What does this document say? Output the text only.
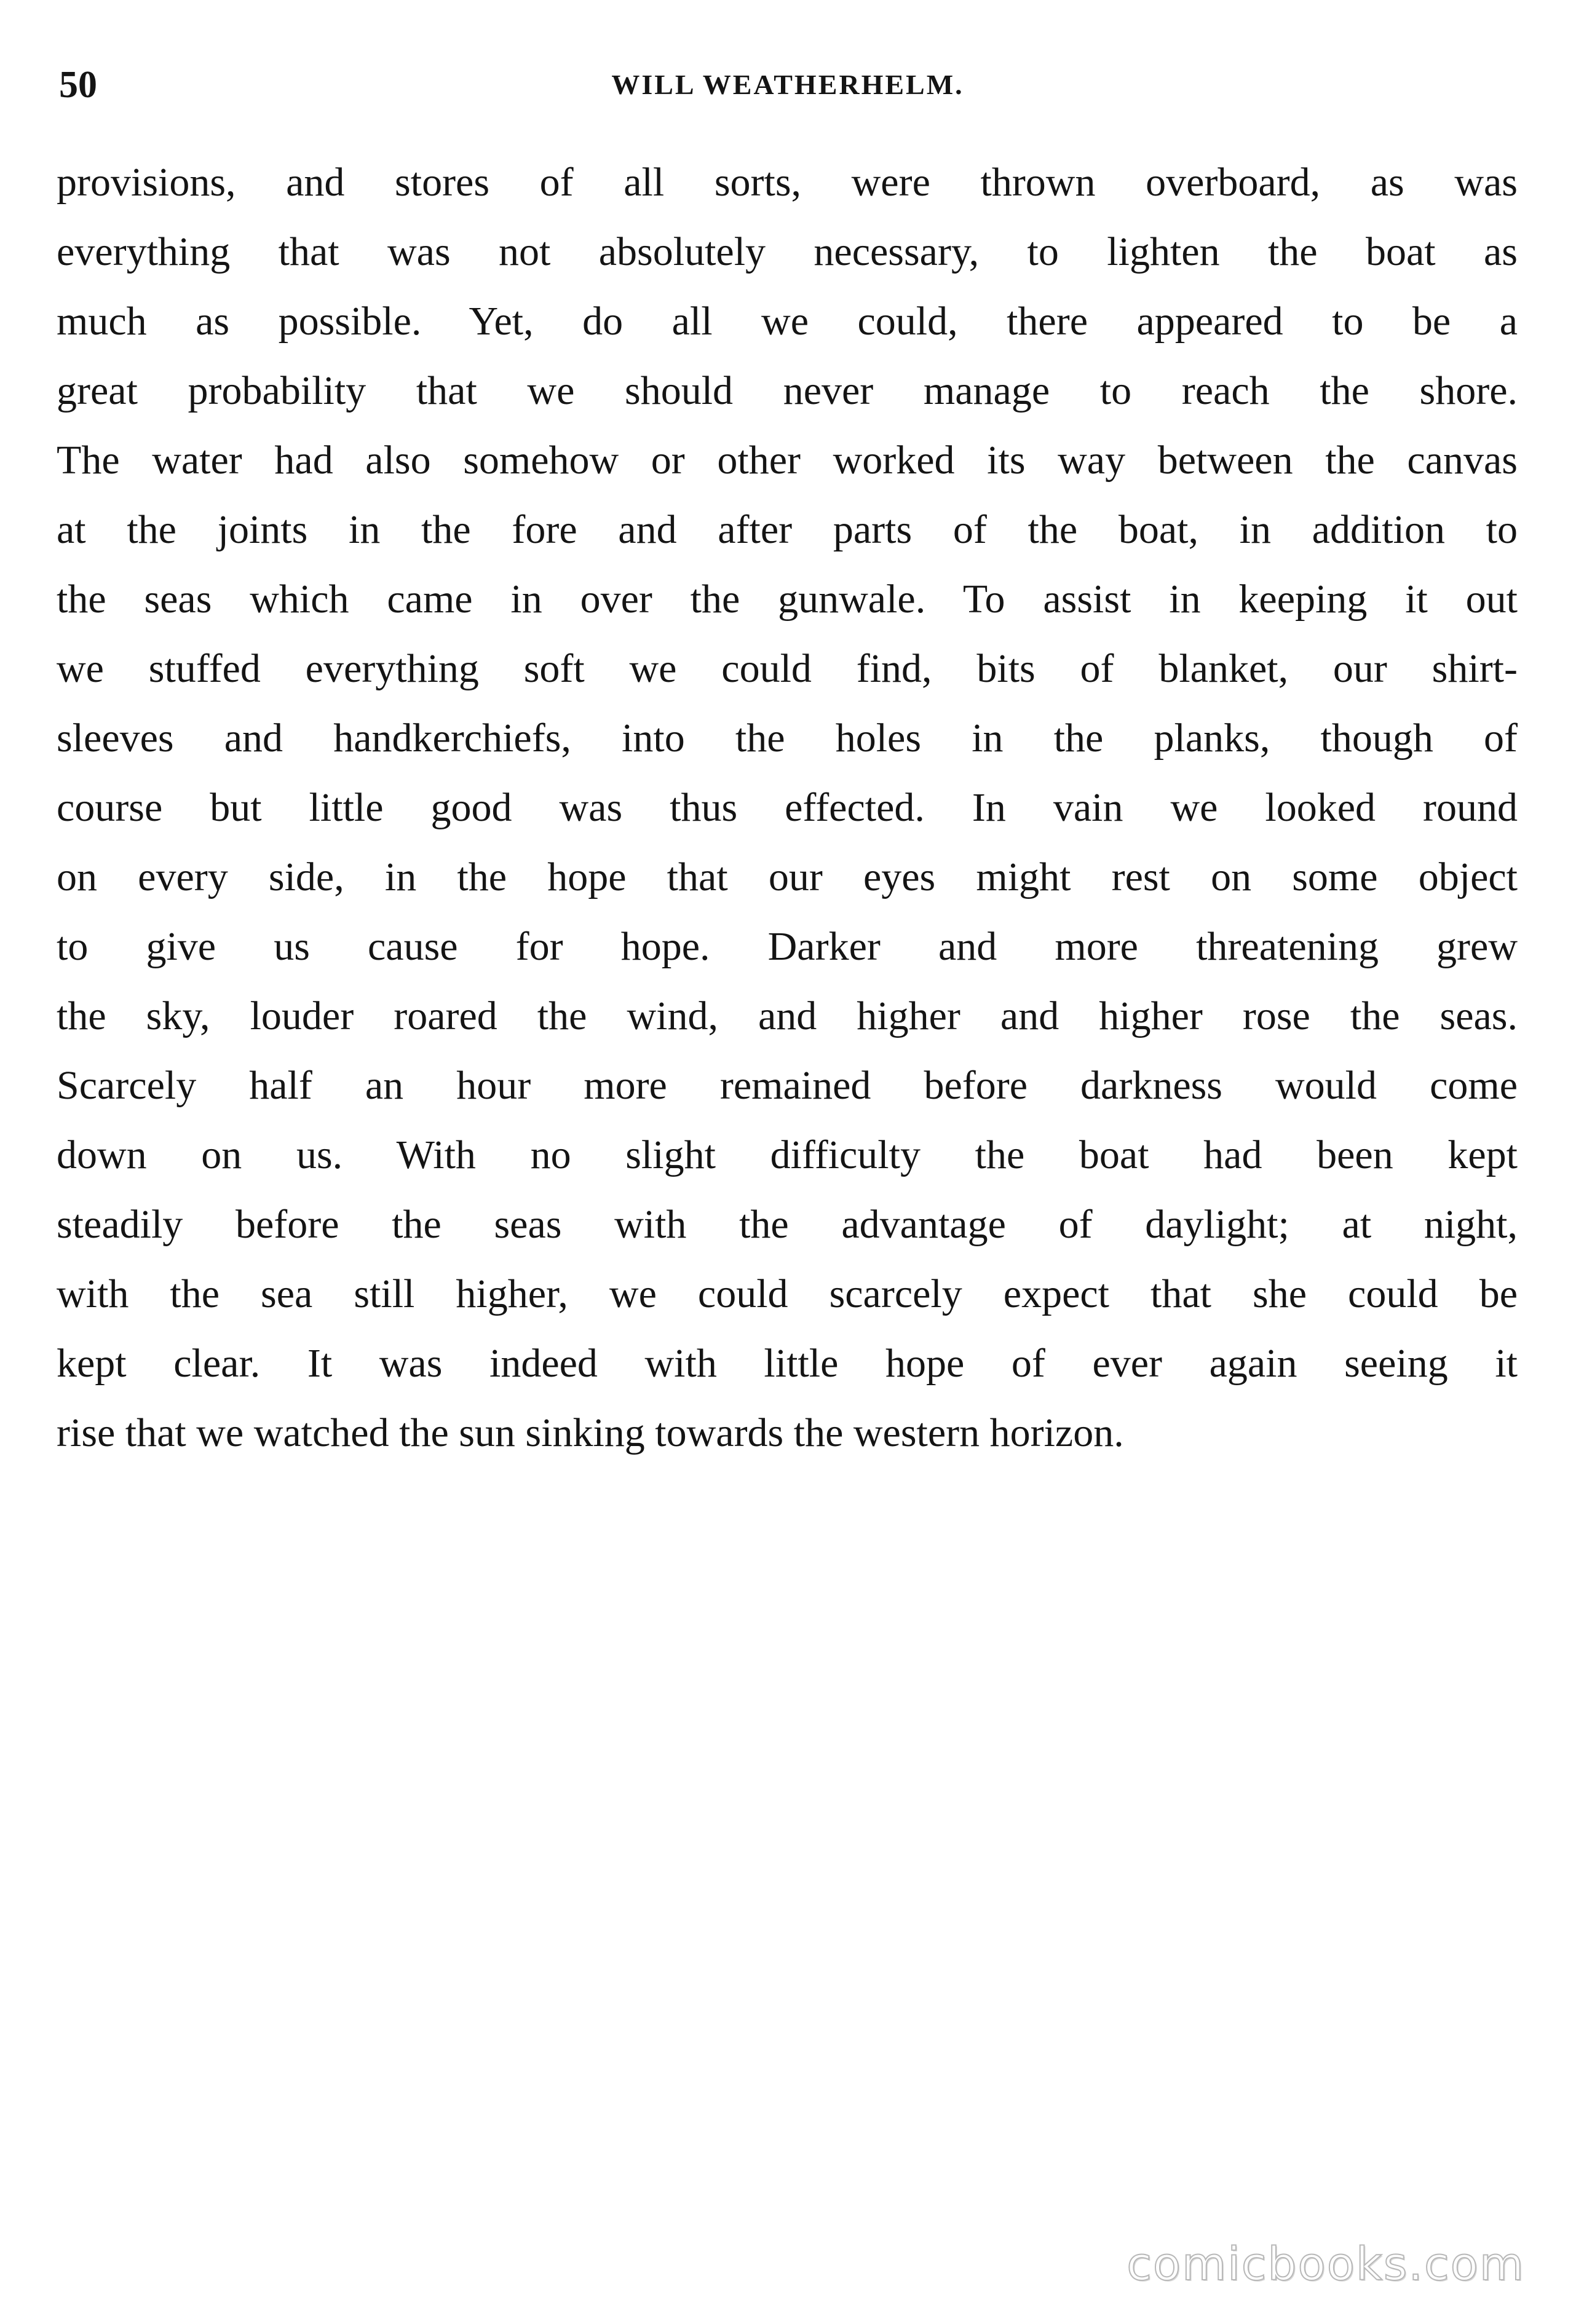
50	WILL WEATHERHELM.
provisions, and stores of all sorts, were thrown overboard, as was
everything that was not absolutely necessary, to lighten the boat as
much as possible. Yet, do all we could, there appeared to be a
great probability that we should never manage to reach the shore.
The water had also somehow or other worked its way between the canvas
at the joints in the fore and after parts of the boat, in addition to
the seas which came in over the gunwale. To assist in keeping it out
we stuffed everything soft we could find, bits of blanket, our shirt-
sleeves and handkerchiefs, into the holes in the planks, though of
course but little good was thus effected. In vain we looked round
on every side, in the hope that our eyes might rest on some object
to give us cause for hope. Darker and more threatening grew
the sky, louder roared the wind, and higher and higher rose the seas.
Scarcely half an hour more remained before darkness would come
down on us. With no slight difficulty the boat had been kept
steadily before the seas with the advantage of daylight; at night,
with the sea still higher, we could scarcely expect that she could be
kept clear. It was indeed with little hope of ever again seeing it
rise that we watched the sun sinking towards the western horizon.
comicbooks.com
